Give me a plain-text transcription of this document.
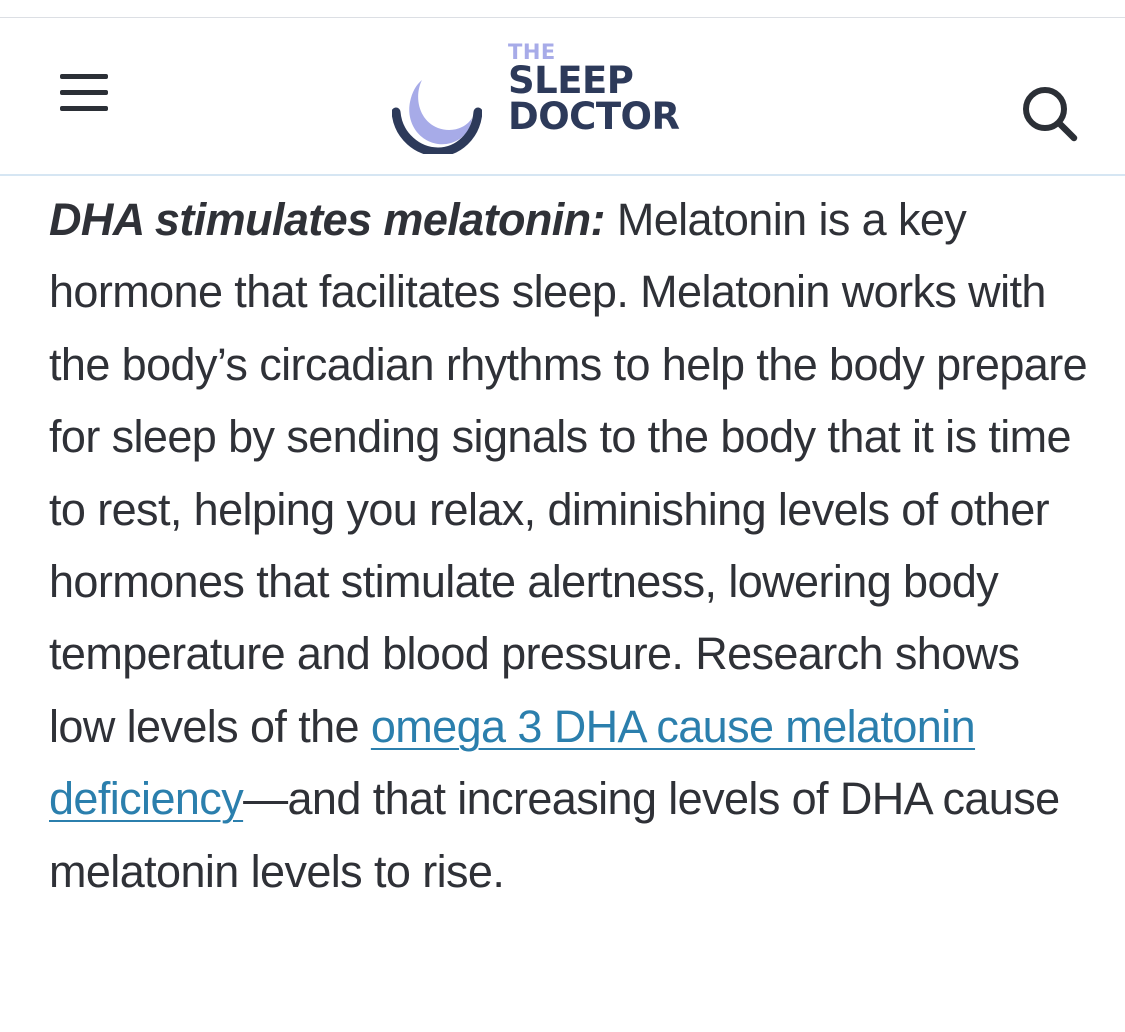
THE
SLEEP
DOCTOR
DHA stimulates melatonin: Melatonin is a key hormone that facilitates sleep. Melatonin works with the body’s circadian rhythms to help the body prepare for sleep by sending signals to the body that it is time to rest, helping you relax, diminishing levels of other hormones that stimulate alertness, lowering body temperature and blood pressure. Research shows low levels of the omega 3 DHA cause melatonin deficiency—and that increasing levels of DHA cause melatonin levels to rise.
